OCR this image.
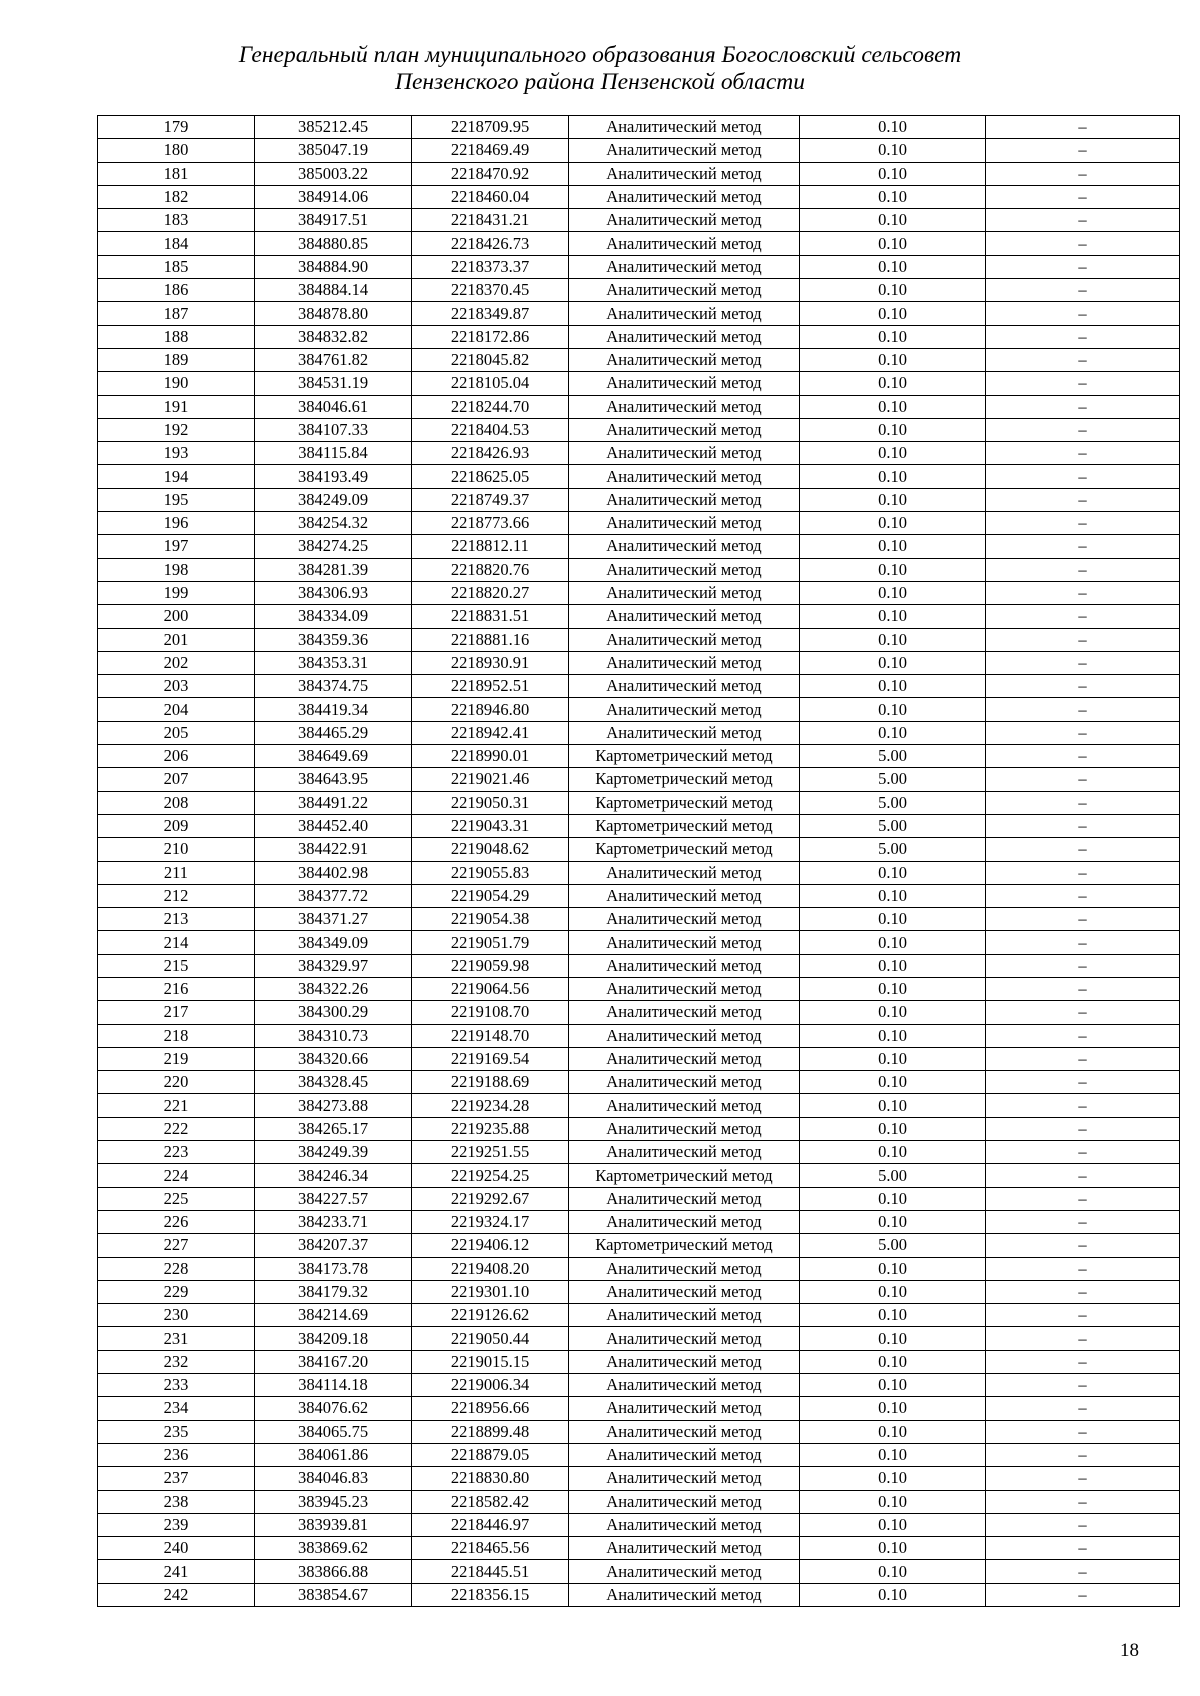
Генеральный план муниципального образования Богословский сельсовет
Пензенского района Пензенской области
179	385212.45	2218709.95	Аналитический метод	0.10	–
180	385047.19	2218469.49	Аналитический метод	0.10	–
181	385003.22	2218470.92	Аналитический метод	0.10	–
182	384914.06	2218460.04	Аналитический метод	0.10	–
183	384917.51	2218431.21	Аналитический метод	0.10	–
184	384880.85	2218426.73	Аналитический метод	0.10	–
185	384884.90	2218373.37	Аналитический метод	0.10	–
186	384884.14	2218370.45	Аналитический метод	0.10	–
187	384878.80	2218349.87	Аналитический метод	0.10	–
188	384832.82	2218172.86	Аналитический метод	0.10	–
189	384761.82	2218045.82	Аналитический метод	0.10	–
190	384531.19	2218105.04	Аналитический метод	0.10	–
191	384046.61	2218244.70	Аналитический метод	0.10	–
192	384107.33	2218404.53	Аналитический метод	0.10	–
193	384115.84	2218426.93	Аналитический метод	0.10	–
194	384193.49	2218625.05	Аналитический метод	0.10	–
195	384249.09	2218749.37	Аналитический метод	0.10	–
196	384254.32	2218773.66	Аналитический метод	0.10	–
197	384274.25	2218812.11	Аналитический метод	0.10	–
198	384281.39	2218820.76	Аналитический метод	0.10	–
199	384306.93	2218820.27	Аналитический метод	0.10	–
200	384334.09	2218831.51	Аналитический метод	0.10	–
201	384359.36	2218881.16	Аналитический метод	0.10	–
202	384353.31	2218930.91	Аналитический метод	0.10	–
203	384374.75	2218952.51	Аналитический метод	0.10	–
204	384419.34	2218946.80	Аналитический метод	0.10	–
205	384465.29	2218942.41	Аналитический метод	0.10	–
206	384649.69	2218990.01	Картометрический метод	5.00	–
207	384643.95	2219021.46	Картометрический метод	5.00	–
208	384491.22	2219050.31	Картометрический метод	5.00	–
209	384452.40	2219043.31	Картометрический метод	5.00	–
210	384422.91	2219048.62	Картометрический метод	5.00	–
211	384402.98	2219055.83	Аналитический метод	0.10	–
212	384377.72	2219054.29	Аналитический метод	0.10	–
213	384371.27	2219054.38	Аналитический метод	0.10	–
214	384349.09	2219051.79	Аналитический метод	0.10	–
215	384329.97	2219059.98	Аналитический метод	0.10	–
216	384322.26	2219064.56	Аналитический метод	0.10	–
217	384300.29	2219108.70	Аналитический метод	0.10	–
218	384310.73	2219148.70	Аналитический метод	0.10	–
219	384320.66	2219169.54	Аналитический метод	0.10	–
220	384328.45	2219188.69	Аналитический метод	0.10	–
221	384273.88	2219234.28	Аналитический метод	0.10	–
222	384265.17	2219235.88	Аналитический метод	0.10	–
223	384249.39	2219251.55	Аналитический метод	0.10	–
224	384246.34	2219254.25	Картометрический метод	5.00	–
225	384227.57	2219292.67	Аналитический метод	0.10	–
226	384233.71	2219324.17	Аналитический метод	0.10	–
227	384207.37	2219406.12	Картометрический метод	5.00	–
228	384173.78	2219408.20	Аналитический метод	0.10	–
229	384179.32	2219301.10	Аналитический метод	0.10	–
230	384214.69	2219126.62	Аналитический метод	0.10	–
231	384209.18	2219050.44	Аналитический метод	0.10	–
232	384167.20	2219015.15	Аналитический метод	0.10	–
233	384114.18	2219006.34	Аналитический метод	0.10	–
234	384076.62	2218956.66	Аналитический метод	0.10	–
235	384065.75	2218899.48	Аналитический метод	0.10	–
236	384061.86	2218879.05	Аналитический метод	0.10	–
237	384046.83	2218830.80	Аналитический метод	0.10	–
238	383945.23	2218582.42	Аналитический метод	0.10	–
239	383939.81	2218446.97	Аналитический метод	0.10	–
240	383869.62	2218465.56	Аналитический метод	0.10	–
241	383866.88	2218445.51	Аналитический метод	0.10	–
242	383854.67	2218356.15	Аналитический метод	0.10	–
18
